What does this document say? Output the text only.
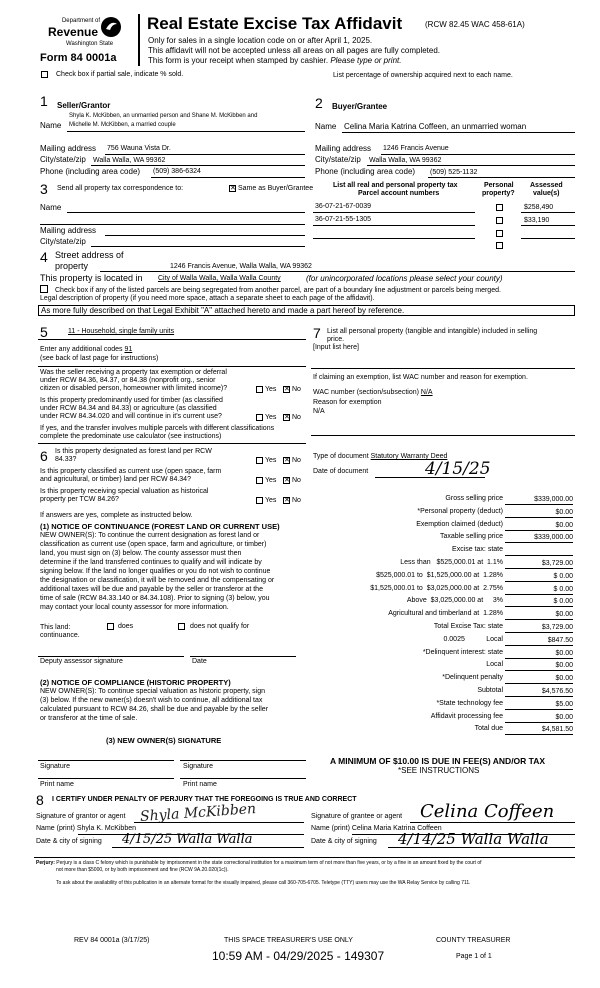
Department of
Revenue
Washington State
Form 84 0001a
Real Estate Excise Tax Affidavit	(RCW 82.45 WAC 458-61A)
Only for sales in a single location code on or after April 1, 2025.
This affidavit will not be accepted unless all areas on all pages are fully completed.
This form is your receipt when stamped by cashier. Please type or print.
Check box if partial sale, indicate % sold.	List percentage of ownership acquired next to each name.
1 Seller/Grantor
Shyla K. McKibben, an unmarried person and Shane M. McKibben and
Name Michelle M. McKibben, a married couple
Mailing address 756 Wauna Vista Dr.
City/state/zip Walla Walla, WA 99362
Phone (including area code) (509) 386-6324
2 Buyer/Grantee
Name Celina Maria Katrina Coffeen, an unmarried woman
Mailing address 1246 Francis Avenue
City/state/zip Walla Walla, WA 99362
Phone (including area code) (509) 525-1132
3 Send all property tax correspondence to:	✕ Same as Buyer/Grantee
Name
Mailing address
City/state/zip
List all real and personal property tax
Parcel account numbers
Personal
property?
Assessed
value(s)
36-07-21-67-0039	$258,490
36-07-21-55-1305	$33,190
4 Street address of
property	1246 Francis Avenue, Walla Walla, WA 99362
This property is located in City of Walla Walla, Walla Walla County	(for unincorporated locations please select your county)
Check box if any of the listed parcels are being segregated from another parcel, are part of a boundary line adjustment or parcels being merged.
Legal description of property (if you need more space, attach a separate sheet to each page of the affidavit).
As more fully described on that Legal Exhibit "A" attached hereto and made a part hereof by reference.
5	11 - Household, single family units
Enter any additional codes 91
(see back of last page for instructions)
Was the seller receiving a property tax exemption or deferral
under RCW 84.36, 84.37, or 84.38 (nonprofit org., senior
citizen or disabled person, homeowner with limited income)?	Yes ✕ No
Is this property predominantly used for timber (as classified
under RCW 84.34 and 84.33) or agriculture (as classified
under RCW 84.34.020 and will continue in it's current use?	Yes ✕ No
If yes, and the transfer involves multiple parcels with different classifications
complete the predominate use calculator (see instructions)
6 Is this property designated as forest land per RCW
84.33?	Yes ✕ No
Is this property classified as current use (open space, farm
and agricultural, or timber) land per RCW 84.34?	Yes ✕ No
Is this property receiving special valuation as historical
property per TCW 84.26?	Yes ✕ No
If answers are yes, complete as instructed below.
(1) NOTICE OF CONTINUANCE (FOREST LAND OR CURRENT USE)
NEW OWNER(S): To continue the current designation as forest land or
classification as current use (open space, farm and agriculture, or timber)
land, you must sign on (3) below. The county assessor must then
determine if the land transferred continues to qualify and will indicate by
signing below. If the land no longer qualifies or you do not wish to continue
the designation or classification, it will be removed and the compensating or
additional taxes will be due and payable by the seller or transferor at the
time of sale (RCW 84.33.140 or 84.34.108). Prior to signing (3) below, you
may contact your local county assessor for more information.
This land:
continuance.
does	does not qualify for
Deputy assessor signature	Date
(2) NOTICE OF COMPLIANCE (HISTORIC PROPERTY)
NEW OWNER(S): To continue special valuation as historic property, sign
(3) below. If the new owner(s) doesn't wish to continue, all additional tax
calculated pursuant to RCW 84.26, shall be due and payable by the seller
or transferor at the time of sale.
(3) NEW OWNER(S) SIGNATURE
Signature	Signature
Print name	Print name
7 List all personal property (tangible and intangible) included in selling
price.
[Input list here]
If claiming an exemption, list WAC number and reason for exemption.
WAC number (section/subsection) N/A
Reason for exemption
N/A
Type of document Statutory Warranty Deed
Date of document	4/15/25
Gross selling price	$339,000.00
*Personal property (deduct)	$0.00
Exemption claimed (deduct)	$0.00
Taxable selling price	$339,000.00
Excise tax: state
Less than   $525,000.01 at  1.1%	$3,729.00
$525,000.01 to  $1,525,000.00 at  1.28%	$ 0.00
$1,525,000.01 to  $3,025,000.00 at  2.75%	$ 0.00
Above  $3,025,000.00 at     3%	$ 0.00
Agricultural and timberland at  1.28%	$0.00
Total Excise Tax: state	$3,729.00
0.0025           Local	$847.50
*Delinquent interest: state	$0.00
Local	$0.00
*Delinquent penalty	$0.00
Subtotal	$4,576.50
*State technology fee	$5.00
Affidavit processing fee	$0.00
Total due	$4,581.50
A MINIMUM OF $10.00 IS DUE IN FEE(S) AND/OR TAX
*SEE INSTRUCTIONS
8 I CERTIFY UNDER PENALTY OF PERJURY THAT THE FOREGOING IS TRUE AND CORRECT
Signature of grantor or agent Shyla McKibben	Signature of grantee or agent Celina Coffeen
Name (print) Shyla K. McKibben	Name (print) Celina Maria Katrina Coffeen
Date & city of signing 4/15/25 Walla Walla	Date & city of signing 4/14/25 Walla Walla
Perjury: Perjury is a class C felony which is punishable by imprisonment in the state correctional institution for a maximum term of not more than five years, or by a fine in an amount fixed by the court of
not more than $5000, or by both imprisonment and fine (RCW 9A.20.020(1c)).
To ask about the availability of this publication in an alternate format for the visually impaired, please call 360-705-6705. Teletype (TTY) users may use the WA Relay Service by calling 711.
REV 84 0001a (3/17/25)	THIS SPACE TREASURER'S USE ONLY	COUNTY TREASURER
10:59 AM - 04/29/2025 - 149307	Page 1 of 1
